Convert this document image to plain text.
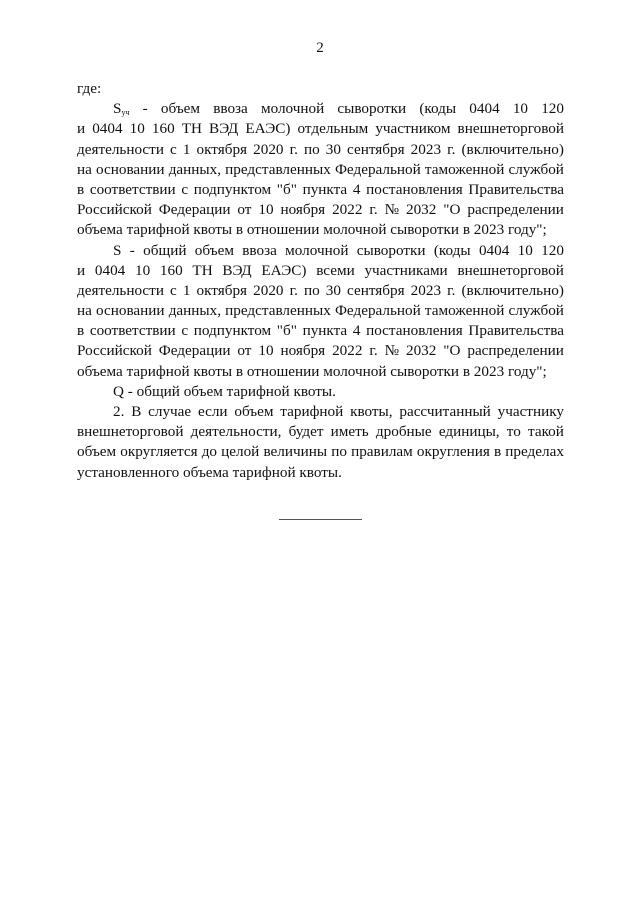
2
где:
$S_{уч}$ - объем ввоза молочной сыворотки (коды 0404 10 120
и 0404 10 160 ТН ВЭД ЕАЭС) отдельным участником внешнеторговой
деятельности с 1 октября 2020 г. по 30 сентября 2023 г. (включительно)
на основании данных, представленных Федеральной таможенной службой
в соответствии с подпунктом "б" пункта 4 постановления Правительства
Российской Федерации от 10 ноября 2022 г. № 2032 "О распределении
объема тарифной квоты в отношении молочной сыворотки в 2023 году";
S - общий объем ввоза молочной сыворотки (коды 0404 10 120
и 0404 10 160 ТН ВЭД ЕАЭС) всеми участниками внешнеторговой
деятельности с 1 октября 2020 г. по 30 сентября 2023 г. (включительно)
на основании данных, представленных Федеральной таможенной службой
в соответствии с подпунктом "б" пункта 4 постановления Правительства
Российской Федерации от 10 ноября 2022 г. № 2032 "О распределении
объема тарифной квоты в отношении молочной сыворотки в 2023 году";
Q - общий объем тарифной квоты.
2. В случае если объем тарифной квоты, рассчитанный участнику
внешнеторговой деятельности, будет иметь дробные единицы, то такой
объем округляется до целой величины по правилам округления в пределах
установленного объема тарифной квоты.
